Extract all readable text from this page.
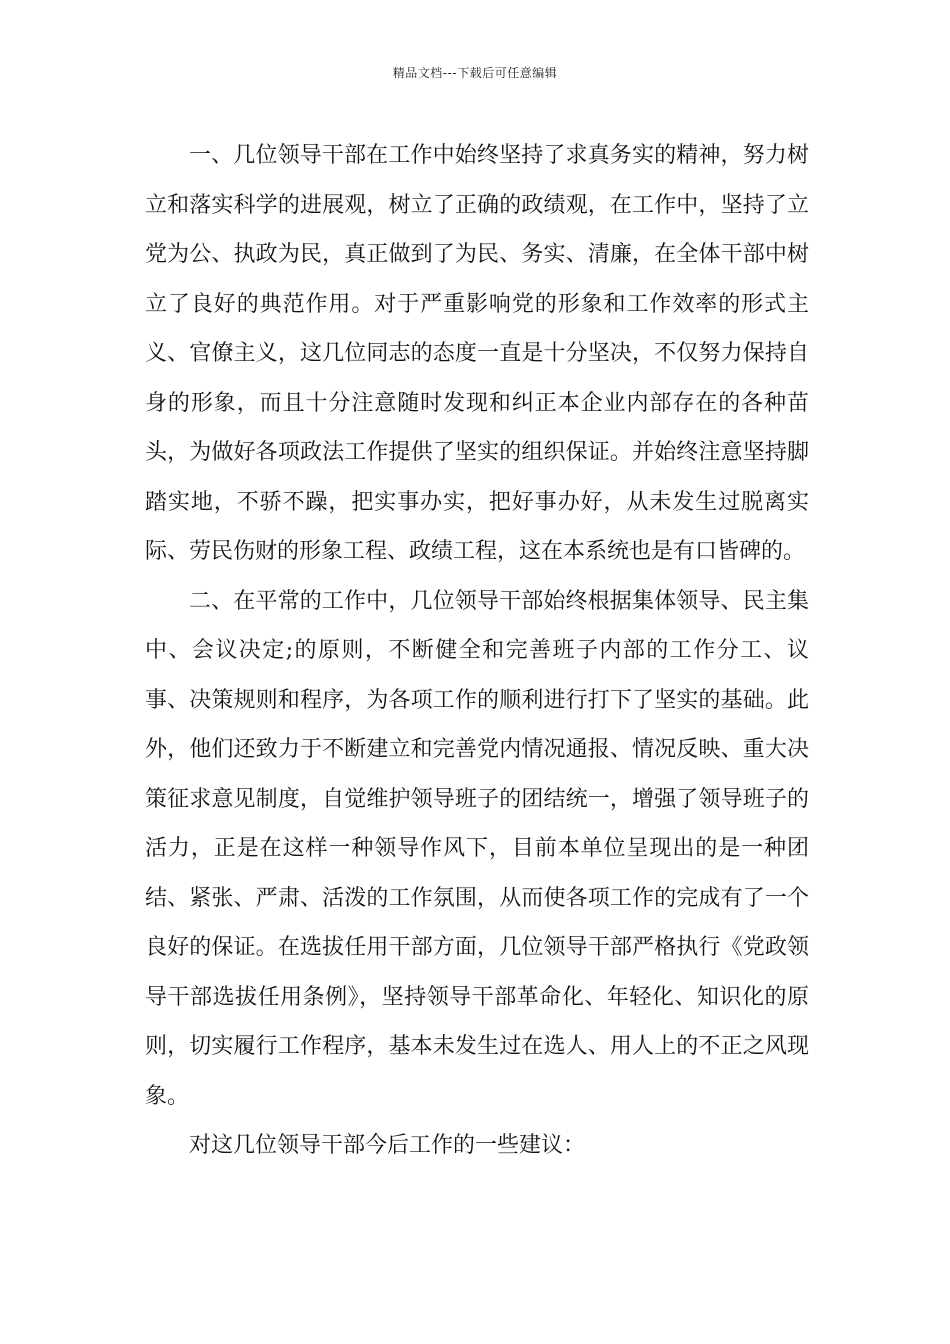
精品文档---下载后可任意编辑

一、几位领导干部在工作中始终坚持了求真务实的精神，努力树立和落实科学的进展观，树立了正确的政绩观，在工作中，坚持了立党为公、执政为民，真正做到了为民、务实、清廉，在全体干部中树立了良好的典范作用。对于严重影响党的形象和工作效率的形式主义、官僚主义，这几位同志的态度一直是十分坚决，不仅努力保持自身的形象，而且十分注意随时发现和纠正本企业内部存在的各种苗头，为做好各项政法工作提供了坚实的组织保证。并始终注意坚持脚踏实地，不骄不躁，把实事办实，把好事办好，从未发生过脱离实际、劳民伤财的形象工程、政绩工程，这在本系统也是有口皆碑的。

二、在平常的工作中，几位领导干部始终根据集体领导、民主集中、会议决定;的原则，不断健全和完善班子内部的工作分工、议事、决策规则和程序，为各项工作的顺利进行打下了坚实的基础。此外，他们还致力于不断建立和完善党内情况通报、情况反映、重大决策征求意见制度，自觉维护领导班子的团结统一，增强了领导班子的活力，正是在这样一种领导作风下，目前本单位呈现出的是一种团结、紧张、严肃、活泼的工作氛围，从而使各项工作的完成有了一个良好的保证。在选拔任用干部方面，几位领导干部严格执行《党政领导干部选拔任用条例》，坚持领导干部革命化、年轻化、知识化的原则，切实履行工作程序，基本未发生过在选人、用人上的不正之风现象。

对这几位领导干部今后工作的一些建议：
